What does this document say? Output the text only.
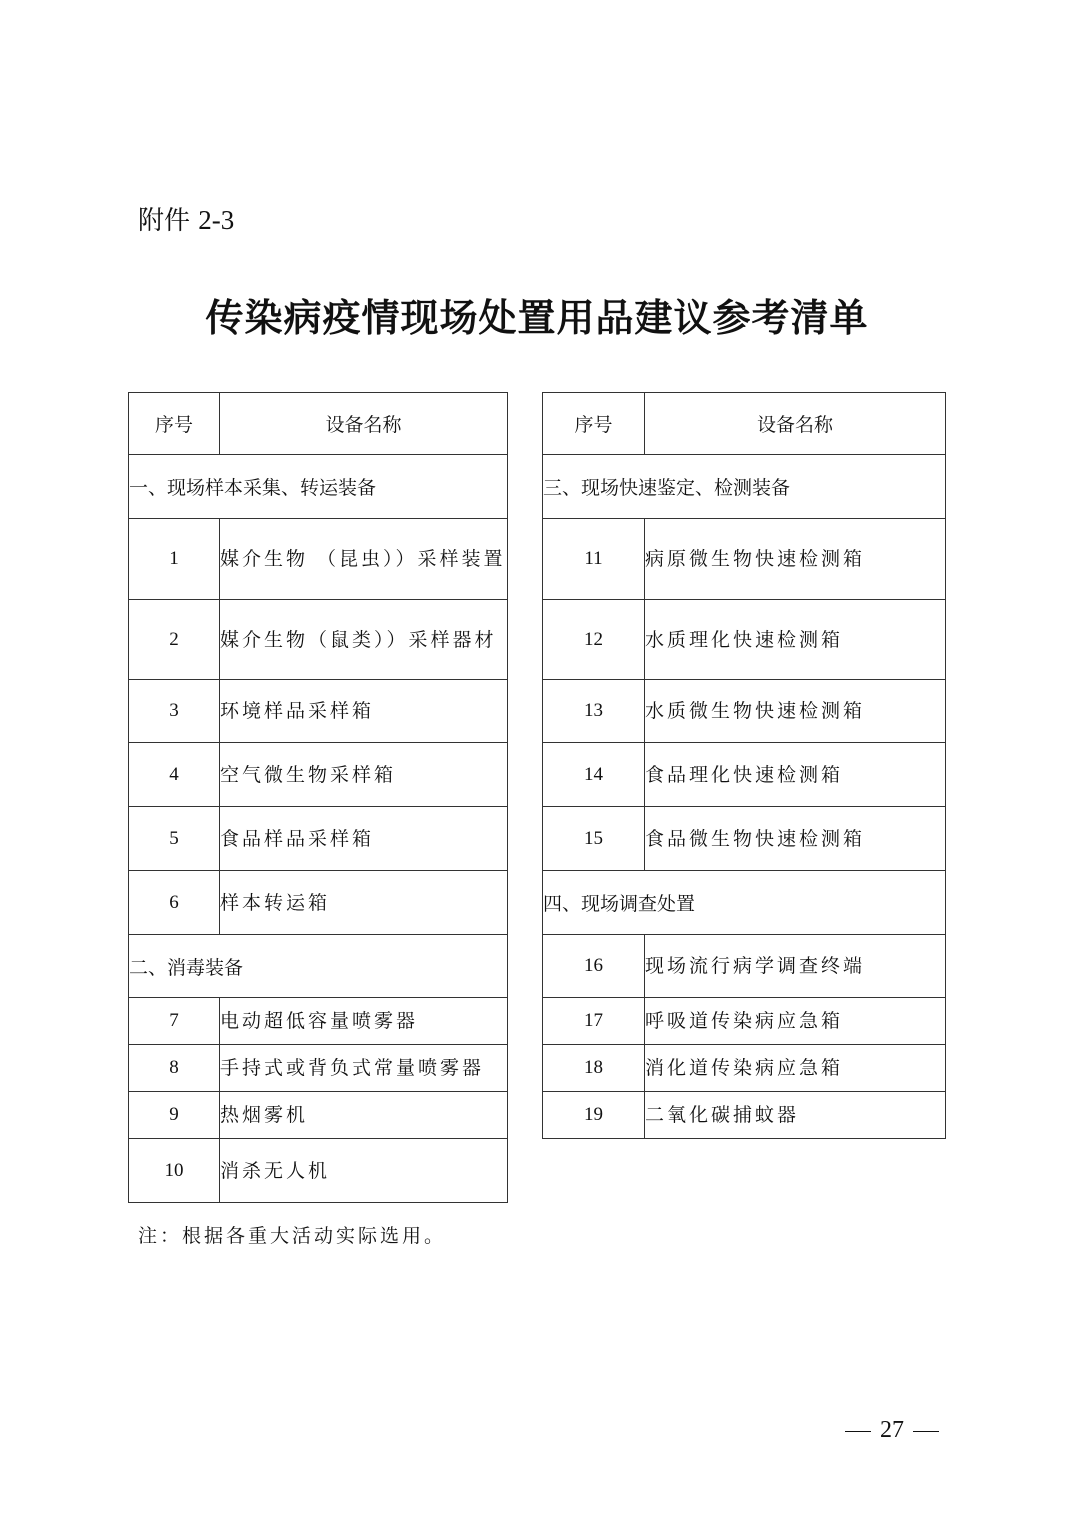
附件 2-3
传染病疫情现场处置用品建议参考清单
序号	设备名称
一、现场样本采集、转运装备	
1	媒介生物 （昆虫））采样装置
2	媒介生物（鼠类））采样器材
3	环境样品采样箱
4	空气微生物采样箱
5	食品样品采样箱
6	样本转运箱
二、消毒装备	
7	电动超低容量喷雾器
8	手持式或背负式常量喷雾器
9	热烟雾机
10	消杀无人机
序号	设备名称
三、现场快速鉴定、检测装备	
11	病原微生物快速检测箱
12	水质理化快速检测箱
13	水质微生物快速检测箱
14	食品理化快速检测箱
15	食品微生物快速检测箱
四、现场调查处置	
16	现场流行病学调查终端
17	呼吸道传染病应急箱
18	消化道传染病应急箱
19	二氧化碳捕蚊器
注：根据各重大活动实际选用。
27
